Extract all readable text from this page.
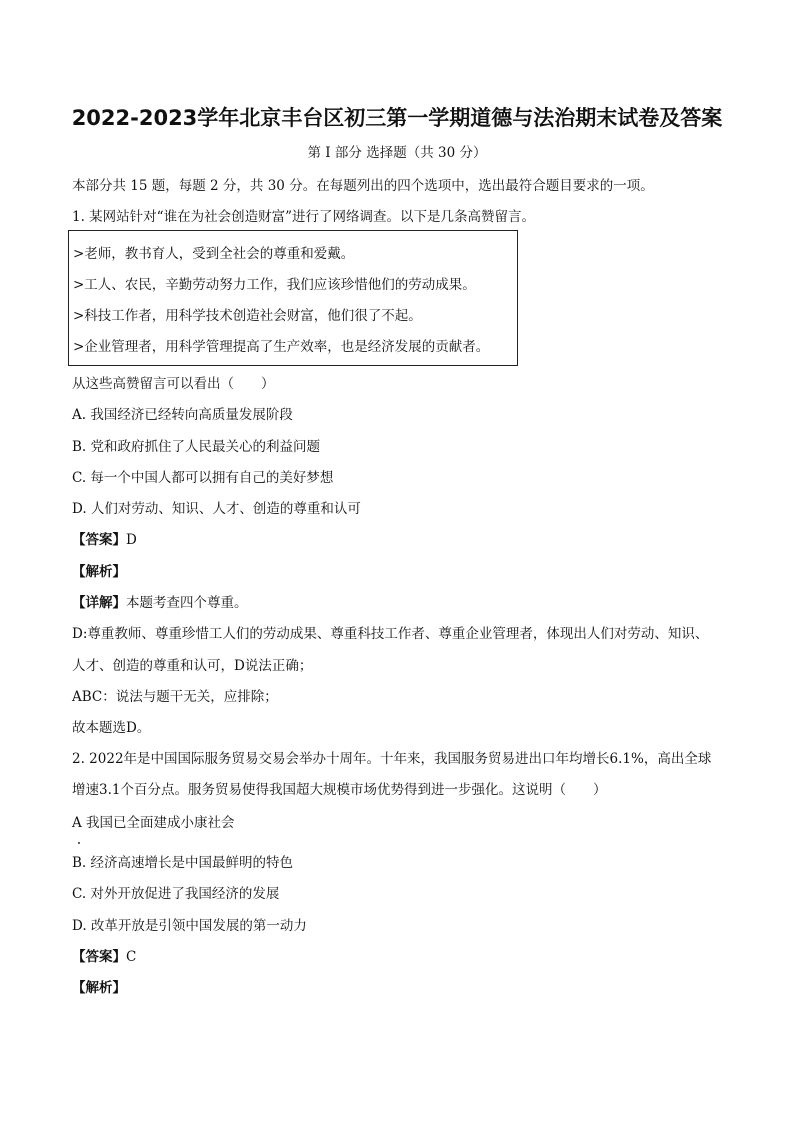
2022-2023学年北京丰台区初三第一学期道德与法治期末试卷及答案
第 I 部分 选择题（共 30 分）
本部分共 15 题，每题 2 分，共 30 分。在每题列出的四个选项中，选出最符合题目要求的一项。
1. 某网站针对“谁在为社会创造财富”进行了网络调查。以下是几条高赞留言。
>老师，教书育人，受到全社会的尊重和爱戴。
>工人、农民，辛勤劳动努力工作，我们应该珍惜他们的劳动成果。
>科技工作者，用科学技术创造社会财富，他们很了不起。
>企业管理者，用科学管理提高了生产效率，也是经济发展的贡献者。
从这些高赞留言可以看出（　　）
A. 我国经济已经转向高质量发展阶段
B. 党和政府抓住了人民最关心的利益问题
C. 每一个中国人都可以拥有自己的美好梦想
D. 人们对劳动、知识、人才、创造的尊重和认可
【答案】D
【解析】
【详解】本题考查四个尊重。
D:尊重教师、尊重珍惜工人们的劳动成果、尊重科技工作者、尊重企业管理者，体现出人们对劳动、知识、
人才、创造的尊重和认可，D说法正确；
ABC：说法与题干无关，应排除；
故本题选D。
2. 2022年是中国国际服务贸易交易会举办十周年。十年来，我国服务贸易进出口年均增长6.1%，高出全球
增速3.1个百分点。服务贸易使得我国超大规模市场优势得到进一步强化。这说明（　　）
A 我国已全面建成小康社会
B. 经济高速增长是中国最鲜明的特色
C. 对外开放促进了我国经济的发展
D. 改革开放是引领中国发展的第一动力
【答案】C
【解析】
